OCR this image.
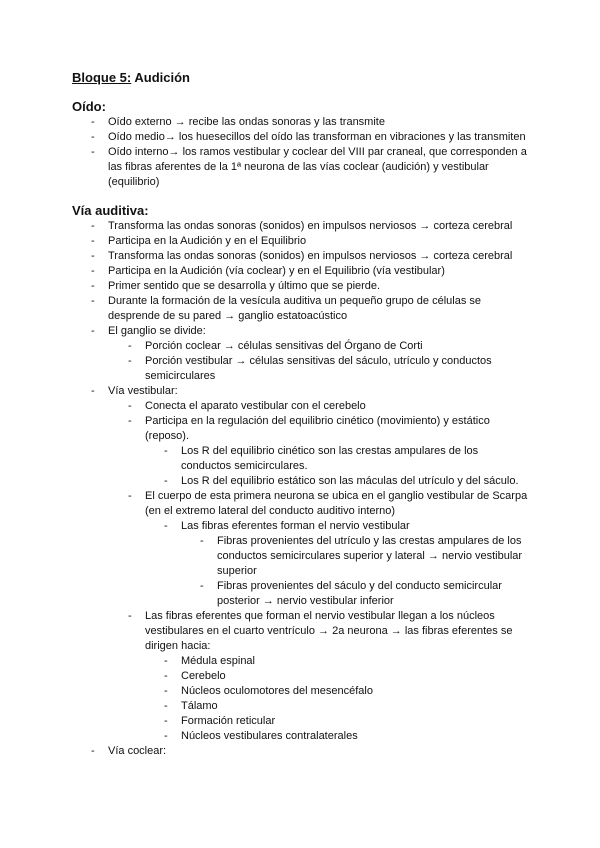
Bloque 5: Audición

Oído:

- Oído externo → recibe las ondas sonoras y las transmite
- Oído medio→ los huesecillos del oído las transforman en vibraciones y las transmiten
- Oído interno→ los ramos vestibular y coclear del VIII par craneal, que corresponden a las fibras aferentes de la 1ª neurona de las vías coclear (audición) y vestibular (equilibrio)

Vía auditiva:

- Transforma las ondas sonoras (sonidos) en impulsos nerviosos → corteza cerebral
- Participa en la Audición y en el Equilibrio
- Transforma las ondas sonoras (sonidos) en impulsos nerviosos → corteza cerebral
- Participa en la Audición (vía coclear) y en el Equilibrio (vía vestibular)
- Primer sentido que se desarrolla y último que se pierde.
- Durante la formación de la vesícula auditiva un pequeño grupo de células se desprende de su pared → ganglio estatoacústico
- El ganglio se divide:
- Porción coclear → células sensitivas del Órgano de Corti
- Porción vestibular → células sensitivas del sáculo, utrículo y conductos semicirculares
- Vía vestibular:
- Conecta el aparato vestibular con el cerebelo
- Participa en la regulación del equilibrio cinético (movimiento) y estático (reposo).
- Los R del equilibrio cinético son las crestas ampulares de los conductos semicirculares.
- Los R del equilibrio estático son las máculas del utrículo y del sáculo.
- El cuerpo de esta primera neurona se ubica en el ganglio vestibular de Scarpa (en el extremo lateral del conducto auditivo interno)
- Las fibras eferentes forman el nervio vestibular
- Fibras provenientes del utrículo y las crestas ampulares de los conductos semicirculares superior y lateral → nervio vestibular superior
- Fibras provenientes del sáculo y del conducto semicircular posterior → nervio vestibular inferior
- Las fibras eferentes que forman el nervio vestibular llegan a los núcleos vestibulares en el cuarto ventrículo → 2a neurona → las fibras eferentes se dirigen hacia:
- Médula espinal
- Cerebelo
- Núcleos oculomotores del mesencéfalo
- Tálamo
- Formación reticular
- Núcleos vestibulares contralaterales
- Vía coclear:
